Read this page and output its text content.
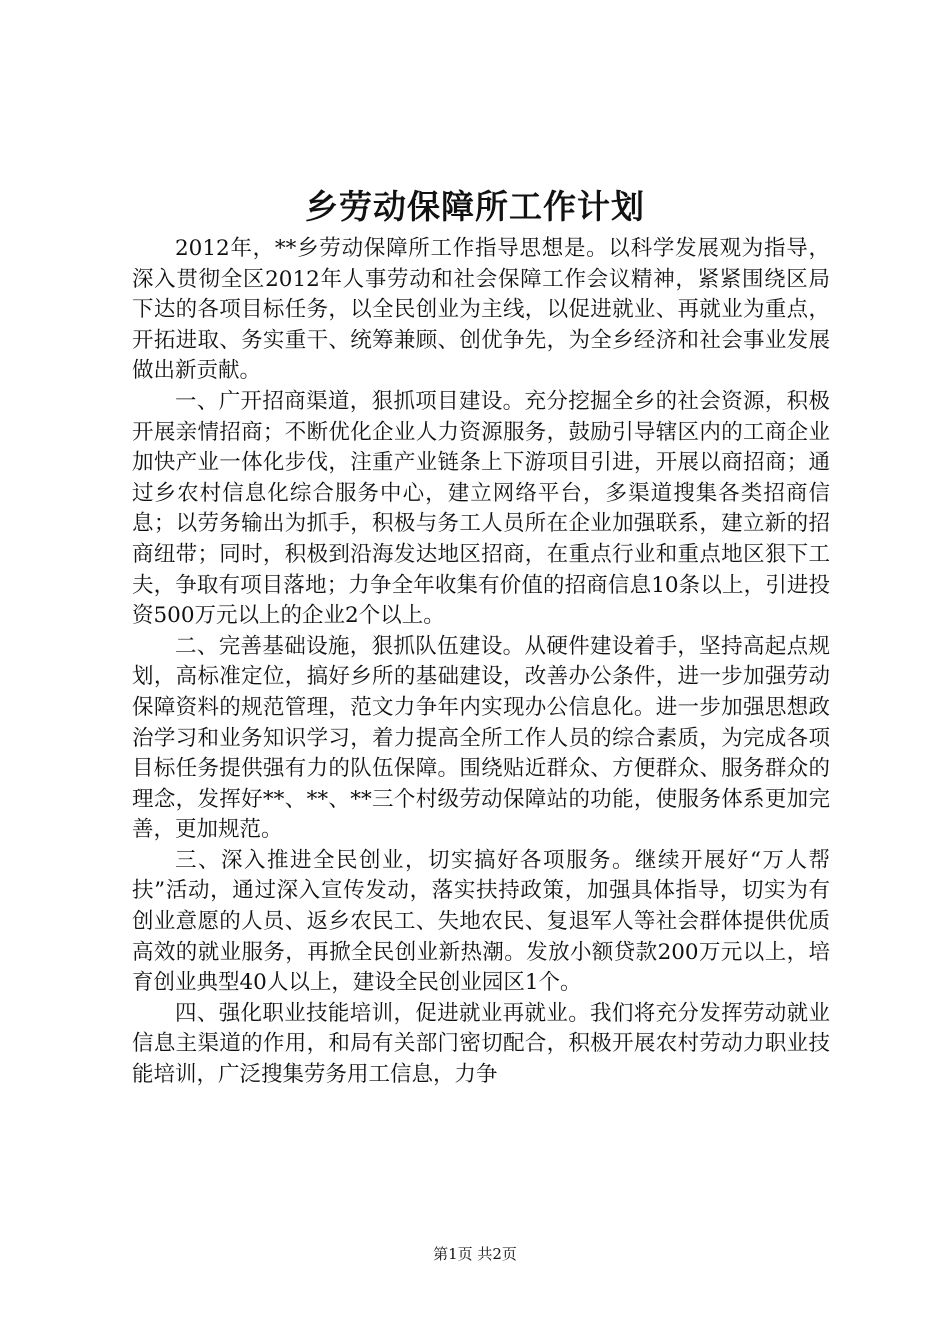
乡劳动保障所工作计划

2012年，**乡劳动保障所工作指导思想是。以科学发展观为指导，深入贯彻全区2012年人事劳动和社会保障工作会议精神，紧紧围绕区局下达的各项目标任务，以全民创业为主线，以促进就业、再就业为重点，开拓进取、务实重干、统筹兼顾、创优争先，为全乡经济和社会事业发展做出新贡献。

一、广开招商渠道，狠抓项目建设。充分挖掘全乡的社会资源，积极开展亲情招商；不断优化企业人力资源服务，鼓励引导辖区内的工商企业加快产业一体化步伐，注重产业链条上下游项目引进，开展以商招商；通过乡农村信息化综合服务中心，建立网络平台，多渠道搜集各类招商信息；以劳务输出为抓手，积极与务工人员所在企业加强联系，建立新的招商纽带；同时，积极到沿海发达地区招商，在重点行业和重点地区狠下工夫，争取有项目落地；力争全年收集有价值的招商信息10条以上，引进投资500万元以上的企业2个以上。

二、完善基础设施，狠抓队伍建设。从硬件建设着手，坚持高起点规划，高标准定位，搞好乡所的基础建设，改善办公条件，进一步加强劳动保障资料的规范管理，范文力争年内实现办公信息化。进一步加强思想政治学习和业务知识学习，着力提高全所工作人员的综合素质，为完成各项目标任务提供强有力的队伍保障。围绕贴近群众、方便群众、服务群众的理念，发挥好**、**、**三个村级劳动保障站的功能，使服务体系更加完善，更加规范。

三、深入推进全民创业，切实搞好各项服务。继续开展好“万人帮扶”活动，通过深入宣传发动，落实扶持政策，加强具体指导，切实为有创业意愿的人员、返乡农民工、失地农民、复退军人等社会群体提供优质高效的就业服务，再掀全民创业新热潮。发放小额贷款200万元以上，培育创业典型40人以上，建设全民创业园区1个。

四、强化职业技能培训，促进就业再就业。我们将充分发挥劳动就业信息主渠道的作用，和局有关部门密切配合，积极开展农村劳动力职业技能培训，广泛搜集劳务用工信息，力争

第1页 共2页
